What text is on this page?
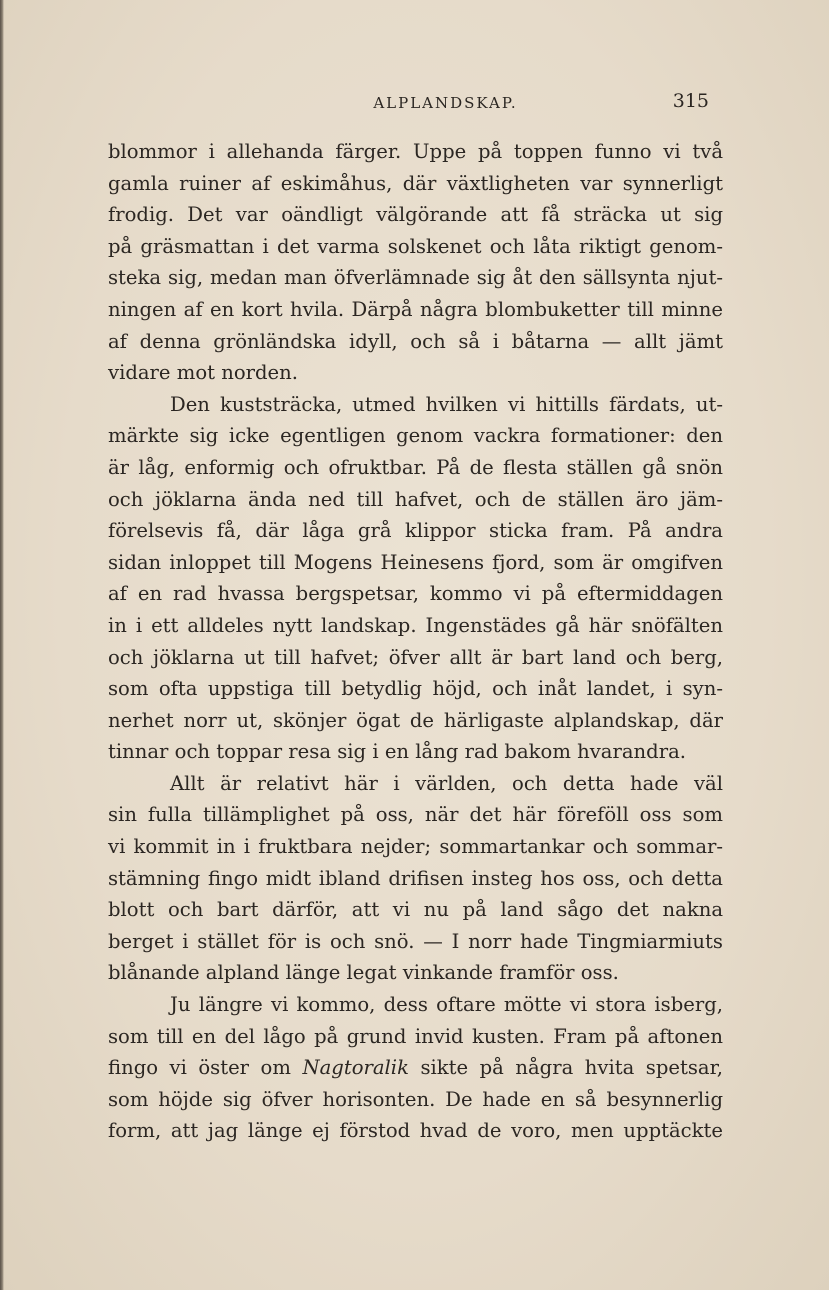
ALPLANDSKAP.	315
blommor i allehanda färger. Uppe på toppen funno vi två
gamla ruiner af eskimåhus, där växtligheten var synnerligt
frodig. Det var oändligt välgörande att få sträcka ut sig
på gräsmattan i det varma solskenet och låta riktigt genom-
steka sig, medan man öfverlämnade sig åt den sällsynta njut-
ningen af en kort hvila. Därpå några blombuketter till minne
af denna grönländska idyll, och så i båtarna — allt jämt
vidare mot norden.
Den kuststräcka, utmed hvilken vi hittills färdats, ut-
märkte sig icke egentligen genom vackra formationer: den
är låg, enformig och ofruktbar. På de flesta ställen gå snön
och jöklarna ända ned till hafvet, och de ställen äro jäm-
förelsevis få, där låga grå klippor sticka fram. På andra
sidan inloppet till Mogens Heinesens fjord, som är omgifven
af en rad hvassa bergspetsar, kommo vi på eftermiddagen
in i ett alldeles nytt landskap. Ingenstädes gå här snöfälten
och jöklarna ut till hafvet; öfver allt är bart land och berg,
som ofta uppstiga till betydlig höjd, och inåt landet, i syn-
nerhet norr ut, skönjer ögat de härligaste alplandskap, där
tinnar och toppar resa sig i en lång rad bakom hvarandra.
Allt är relativt här i världen, och detta hade väl
sin fulla tillämplighet på oss, när det här föreföll oss som
vi kommit in i fruktbara nejder; sommartankar och sommar-
stämning fingo midt ibland drifisen insteg hos oss, och detta
blott och bart därför, att vi nu på land sågo det nakna
berget i stället för is och snö. — I norr hade Tingmiarmiuts
blånande alpland länge legat vinkande framför oss.
Ju längre vi kommo, dess oftare mötte vi stora isberg,
som till en del lågo på grund invid kusten. Fram på aftonen
fingo vi öster om Nagtoralik sikte på några hvita spetsar,
som höjde sig öfver horisonten. De hade en så besynnerlig
form, att jag länge ej förstod hvad de voro, men upptäckte
